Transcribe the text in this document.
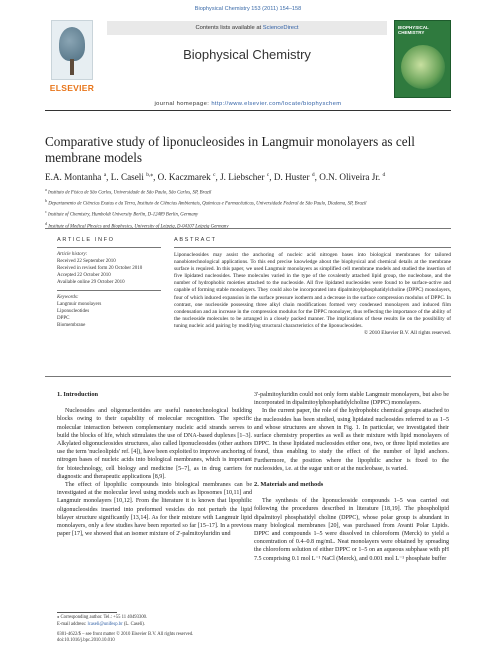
Biophysical Chemistry 153 (2011) 154–158
ELSEVIER
Contents lists available at ScienceDirect
Biophysical Chemistry
BIOPHYSICAL CHEMISTRY
journal homepage: http://www.elsevier.com/locate/biophyschem
Comparative study of liponucleosides in Langmuir monolayers as cell membrane models
E.A. Montanha $^a$, L. Caseli $^{b,⁎}$, O. Kaczmarek $^c$, J. Liebscher $^c$, D. Huster $^d$, O.N. Oliveira Jr. $^d$
$^a$ Instituto de Física de São Carlos, Universidade de São Paulo, São Carlos, SP, Brazil
$^b$ Departamento de Ciências Exatas e da Terra, Instituto de Ciências Ambientais, Químicas e Farmacêuticas, Universidade Federal de São Paulo, Diadema, SP, Brazil
$^c$ Institute of Chemistry, Humboldt University Berlin, D-12489 Berlin, Germany
$^d$ Institute of Medical Physics and Biophysics, University of Leipzig, D-04107 Leipzig Germany
ARTICLE INFO	ABSTRACT
Article history:
Received 22 September 2010
Received in revised form 20 October 2010
Accepted 22 October 2010
Available online 29 October 2010
Keywords:
Langmuir monolayers
Liponucleotides
DPPC
Biomembrane
Liponucleosides may assist the anchoring of nucleic acid nitrogen bases into biological membranes for tailored nanobiotechnological applications. To this end precise knowledge about the biophysical and chemical details at the membrane surface is required. In this paper, we used Langmuir monolayers as simplified cell membrane models and studied the insertion of five lipidated nucleosides. These molecules varied in the type of the covalently attached lipid group, the nucleobase, and the number of hydrophobic moieties attached to the nucleoside. All five lipidated nucleosides were found to be surface-active and capable of forming stable monolayers. They could also be incorporated into dipalmitoylphosphatidylcholine (DPPC) monolayers, four of which induced expansion in the surface pressure isotherm and a decrease in the surface compression modulus of DPPC. In contrast, one nucleoside possessing three alkyl chain modifications formed very condensed monolayers and induced film condensation and an increase in the compression modulus for the DPPC monolayer, thus reflecting the importance of the ability of the nucleoside molecules to be arranged in a closely packed manner. The implications of these results lie on the possibility of tuning nucleic acid pairing by modifying structural characteristics of the liponucleosides.
© 2010 Elsevier B.V. All rights reserved.
1. Introduction

Nucleosides and oligonucleotides are useful nanotechnological building blocks owing to their capability of molecular recognition. The specific molecular interaction between complementary nucleic acid strands serves to build the blocks of life, which stimulates the use of DNA-based duplexes [1–3]. Alkylated oligonucleosides structures, also called liponucleosides (other authors use the term 'nucleolipids' ref. [4]), have been exploited to improve anchoring of nitrogen bases of nucleic acids into biological membranes, which is important for biotechnology, cell biology and medicine [5–7], as in drug carriers for diagnostic and therapeutic applications [8,9].

The effect of lipophilic compounds into biological membranes can be investigated at the molecular level using models such as liposomes [10,11] and Langmuir monolayers [10,12]. From the literature it is known that lipophilic oligonucleosides inserted into preformed vesicles do not perturb the lipid bilayer structure significantly [13,14]. As for their mixture with Langmuir lipid monolayers, only a few studies have been reported so far [15–17]. In a previous paper [17], we showed that an isomer mixture of 2'-palmitoyluridin und

3'-palmitoyluridin could not only form stable Langmuir monolayers, but also be incorporated in dipalmitoylphosphatidylcholine (DPPC) monolayers.

In the current paper, the role of the hydrophobic chemical groups attached to the nucleosides has been studied, using lipidated nucleosides referred to as 1–5 and whose structures are shown in Fig. 1. In particular, we investigated their surface chemistry properties as well as their mixture with lipid monolayers of DPPC. In these lipidated nucleosides either one, two, or three lipid moieties are found, thus enabling to study the effect of the number of lipid anchors. Furthermore, the position where the lipophilic anchor is fixed to the nucleosides, i.e. at the sugar unit or at the nucleobase, is varied.

2. Materials and methods

The synthesis of the liponucleoside compounds 1–5 was carried out following the procedures described in literature [18,19]. The phospholipid dipalmitoyl phosphatidyl choline (DPPC), whose polar group is abundant in many biological membranes [20], was purchased from Avanti Polar Lipids. DPPC and compounds 1–5 were dissolved in chloroform (Merck) to yield a concentration of 0.4–0.8 mg/mL. Neat monolayers were obtained by spreading the chloroform solution of either DPPC or 1–5 on an aqueous subphase with pH 7.5 comprising 0.1 mol L⁻¹ NaCl (Merck), and 0.001 mol L⁻¹ phosphate buffer

⁎ Corresponding author. Tel.: +55 11 40493300.
E-mail address: lcaseli@unifesp.br (L. Caseli).
0301-4622/$ – see front matter © 2010 Elsevier B.V. All rights reserved.
doi:10.1016/j.bpc.2010.10.010
